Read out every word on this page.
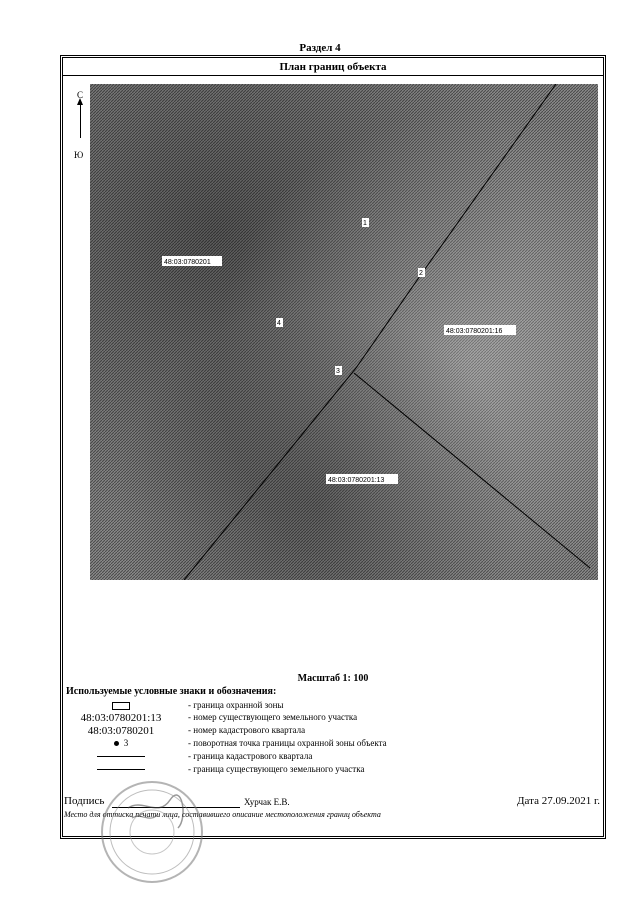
Раздел 4
План границ объекта
С
Ю
48:03:0780201
48:03:0780201:16
48:03:0780201:13
1
2
3
4
Масштаб 1: 100
Используемые условные знаки и обозначения:
- граница охранной зоны
48:03:0780201:13	- номер существующего земельного участка
48:03:0780201	- номер кадастрового квартала
3	- поворотная точка границы охранной зоны объекта
- граница кадастрового квартала
- граница существующего земельного участка
Подпись	Хурчак Е.В.	Дата 27.09.2021 г.
Место для оттиска печати лица, составившего описание местоположения границ объекта
